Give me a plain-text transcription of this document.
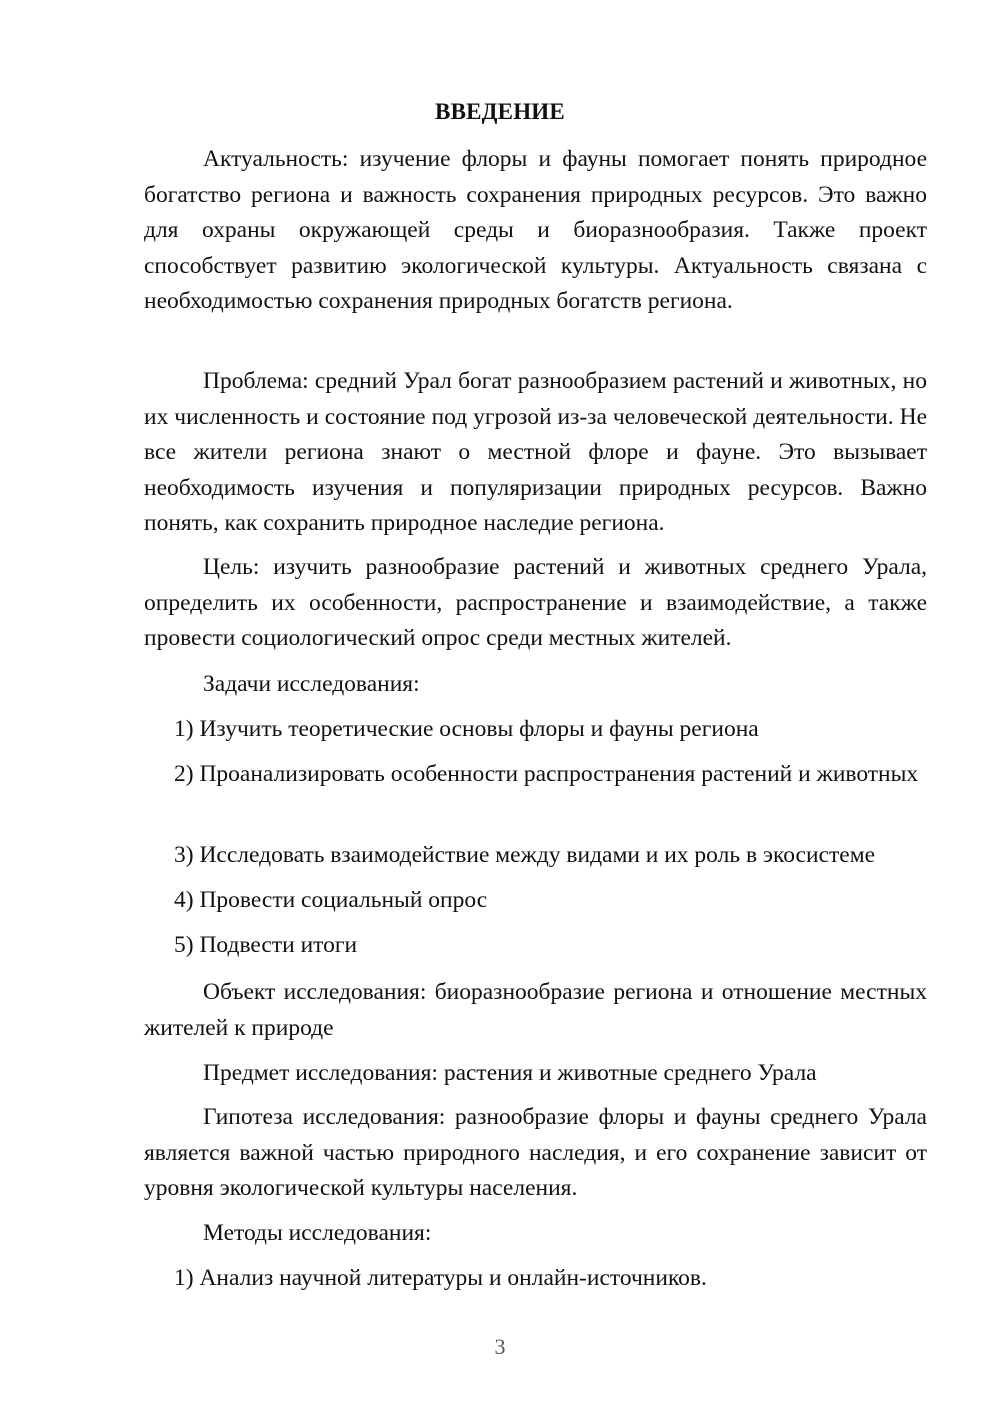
ВВЕДЕНИЕ

Актуальность: изучение флоры и фауны помогает понять природное богатство региона и важность сохранения природных ресурсов. Это важно для охраны окружающей среды и биоразнообразия. Также проект способствует развитию экологической культуры. Актуальность связана с необходимостью сохранения природных богатств региона.

Проблема: средний Урал богат разнообразием растений и животных, но их численность и состояние под угрозой из-за человеческой деятельности. Не все жители региона знают о местной флоре и фауне. Это вызывает необходимость изучения и популяризации природных ресурсов. Важно понять, как сохранить природное наследие региона.

Цель: изучить разнообразие растений и животных среднего Урала, определить их особенности, распространение и взаимодействие, а также провести социологический опрос среди местных жителей.

Задачи исследования:

1) Изучить теоретические основы флоры и фауны региона

2) Проанализировать особенности распространения растений и животных

3) Исследовать взаимодействие между видами и их роль в экосистеме

4) Провести социальный опрос

5) Подвести итоги

Объект исследования: биоразнообразие региона и отношение местных жителей к природе

Предмет исследования: растения и животные среднего Урала

Гипотеза исследования: разнообразие флоры и фауны среднего Урала является важной частью природного наследия, и его сохранение зависит от уровня экологической культуры населения.

Методы исследования:

1) Анализ научной литературы и онлайн-источников.

3
